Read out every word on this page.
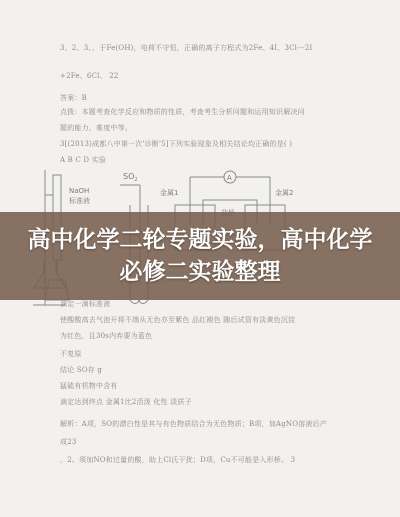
3、2、3、，于Fe(OH)，电荷不守恒，正确的离子方程式为2Fe、4I、3Cl---2I
+2Fe、6Cl、 22
答案：B
点拨：本题考查化学反应和物质的性质，考查考生分析问题和运用知识解决问
题的能力，难度中等。
3[(2013)成都八中第一次'诊断'5]下列实验现象及相关结论均正确的是( )
A B C D 实验
NaOH
标准液
$SO_2$	A
金属1	金属2
滴定一滴标准液
使酸酸高去气泡开将不端从无色亦至紫色 品红褪色 随后试管有淡黄色沉淀
为红色，且30s内弃要为蓝色
不复原
结论 SO存 g
猛硫有机物中含有
滴定达到终点 金属1比2活泼 化性 淡质子
解析：A项，SO的漂白性是其与有色物质结合为无色物质；B项，加AgNO溶液后产
成23
，2。须加NO和过量的酸，助上Cl氏干扰；D项，Cu不可能是入形桥。 3
高中化学二轮专题实验，高中化学必修二实验整理
